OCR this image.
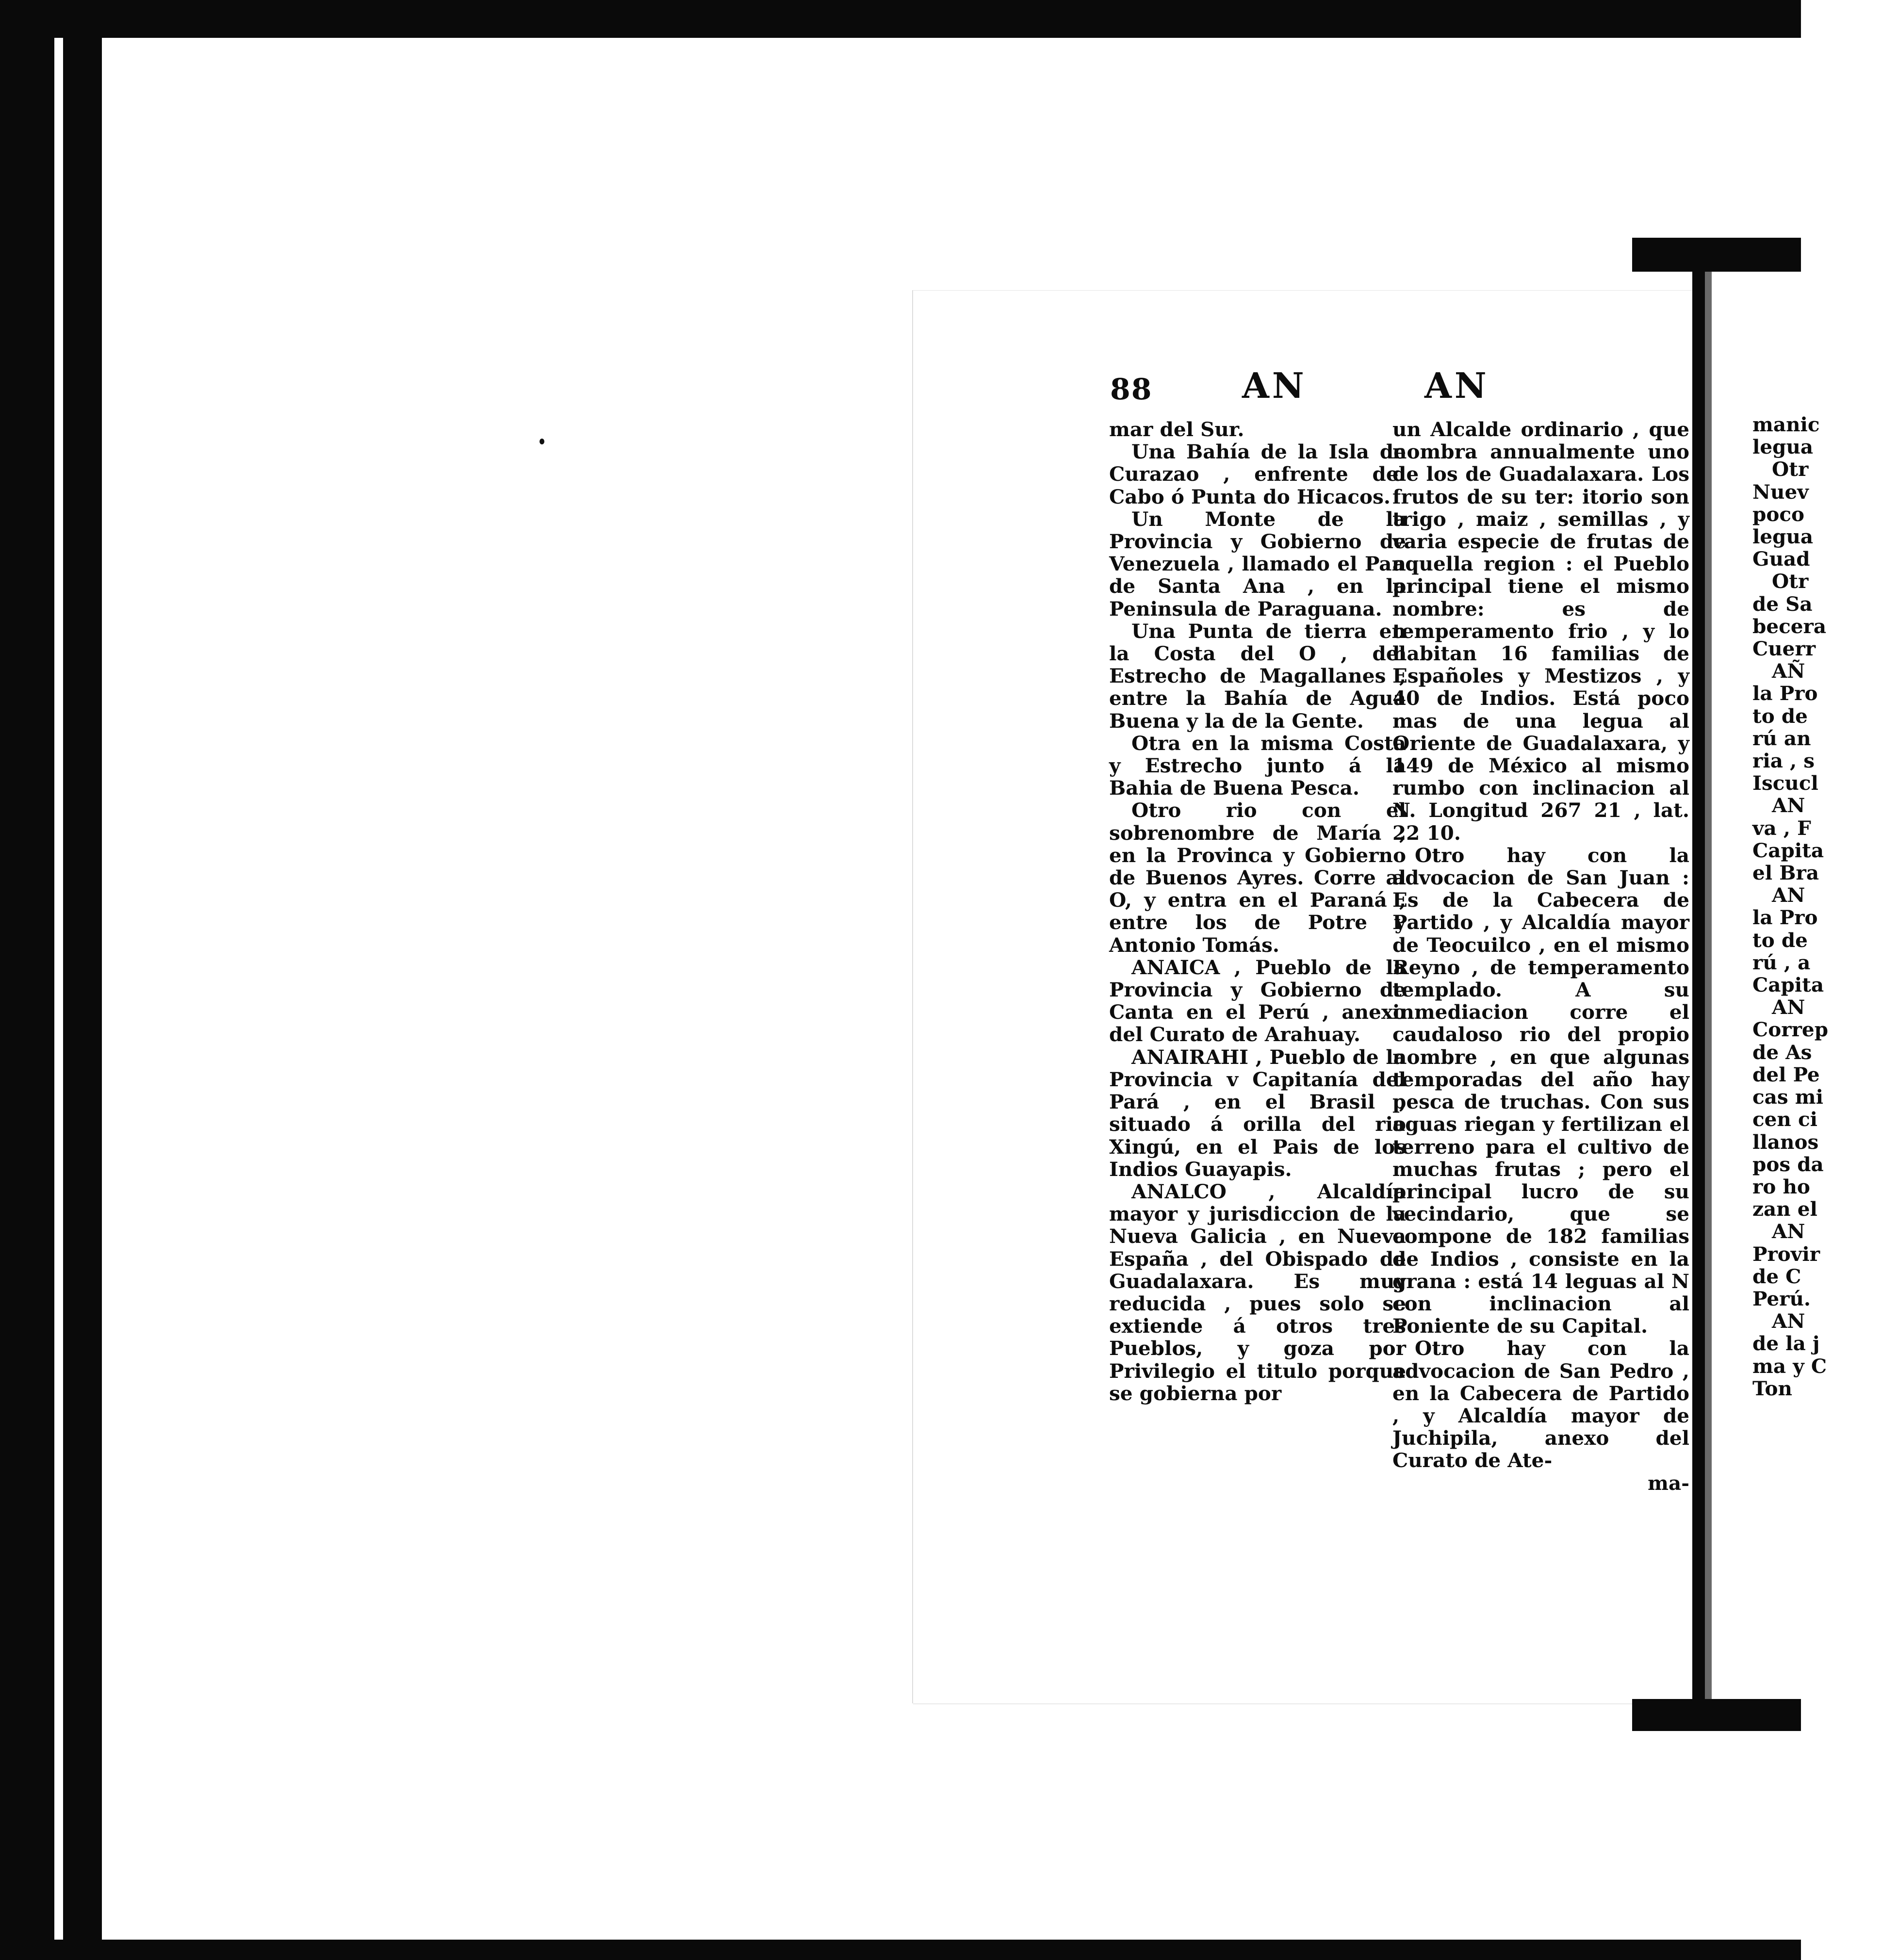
88	AN	AN

mar del Sur.

Una Bahía de la Isla de Curazao , enfrente del Cabo ó Punta do Hicacos.

Un Monte de la Provincia y Gobierno de Venezuela , llamado el Pan de Santa Ana , en la Peninsula de Paraguana.

Una Punta de tierra en la Costa del O , del Estrecho de Magallanes , entre la Bahía de Agua Buena y la de la Gente.

Otra en la misma Costa y Estrecho junto á la Bahia de Buena Pesca.

Otro rio con el sobrenombre de María , en la Provinca y Gobierno de Buenos Ayres. Corre al O, y entra en el Paraná , entre los de Potre y Antonio Tomás.

ANAICA , Pueblo de la Provincia y Gobierno de Canta en el Perú , anexo del Curato de Arahuay.

ANAIRAHI , Pueblo de la Provincia v Capitanía del Pará , en el Brasil , situado á orilla del rio Xingú, en el Pais de los Indios Guayapis.

ANALCO , Alcaldía mayor y jurisdiccion de la Nueva Galicia , en Nueva España , del Obispado de Guadalaxara. Es muy reducida , pues solo se extiende á otros tres Pueblos, y goza por Privilegio el titulo porque se gobierna por

un Alcalde ordinario , que nombra annualmente uno de los de Guadalaxara. Los frutos de su ter: itorio son trigo , maiz , semillas , y varia especie de frutas de aquella region : el Pueblo principal tiene el mismo nombre: es de temperamento frio , y lo habitan 16 familias de Españoles y Mestizos , y 40 de Indios. Está poco mas de una legua al Oriente de Guadalaxara, y 149 de México al mismo rumbo con inclinacion al N. Longitud 267 21 , lat. 22 10.

Otro hay con la advocacion de San Juan : Es de la Cabecera de Partido , y Alcaldía mayor de Teocuilco , en el mismo Reyno , de temperamento templado. A su inmediacion corre el caudaloso rio del propio nombre , en que algunas temporadas del año hay pesca de truchas. Con sus aguas riegan y fertilizan el terreno para el cultivo de muchas frutas ; pero el principal lucro de su vecindario, que se compone de 182 familias de Indios , consiste en la grana : está 14 leguas al N con inclinacion al Poniente de su Capital.

Otro hay con la advocacion de San Pedro , en la Cabecera de Partido , y Alcaldía mayor de Juchipila, anexo del Curato de Ate-

ma-

manic
legua
Otr
Nuev
poco
legua
Guad
Otr
de Sa
becera
Cuerr
AÑ
la Pro
to de
rú an
ria , s
Iscucl
AN
va , F
Capita
el Bra
AN
la Pro
to de
rú , a
Capita
AN
Correp
de As
del Pe
cas mi
cen ci
llanos
pos da
ro ho
zan el
AN
Provir
de C
Perú.
AN
de la j
ma y C
Ton
